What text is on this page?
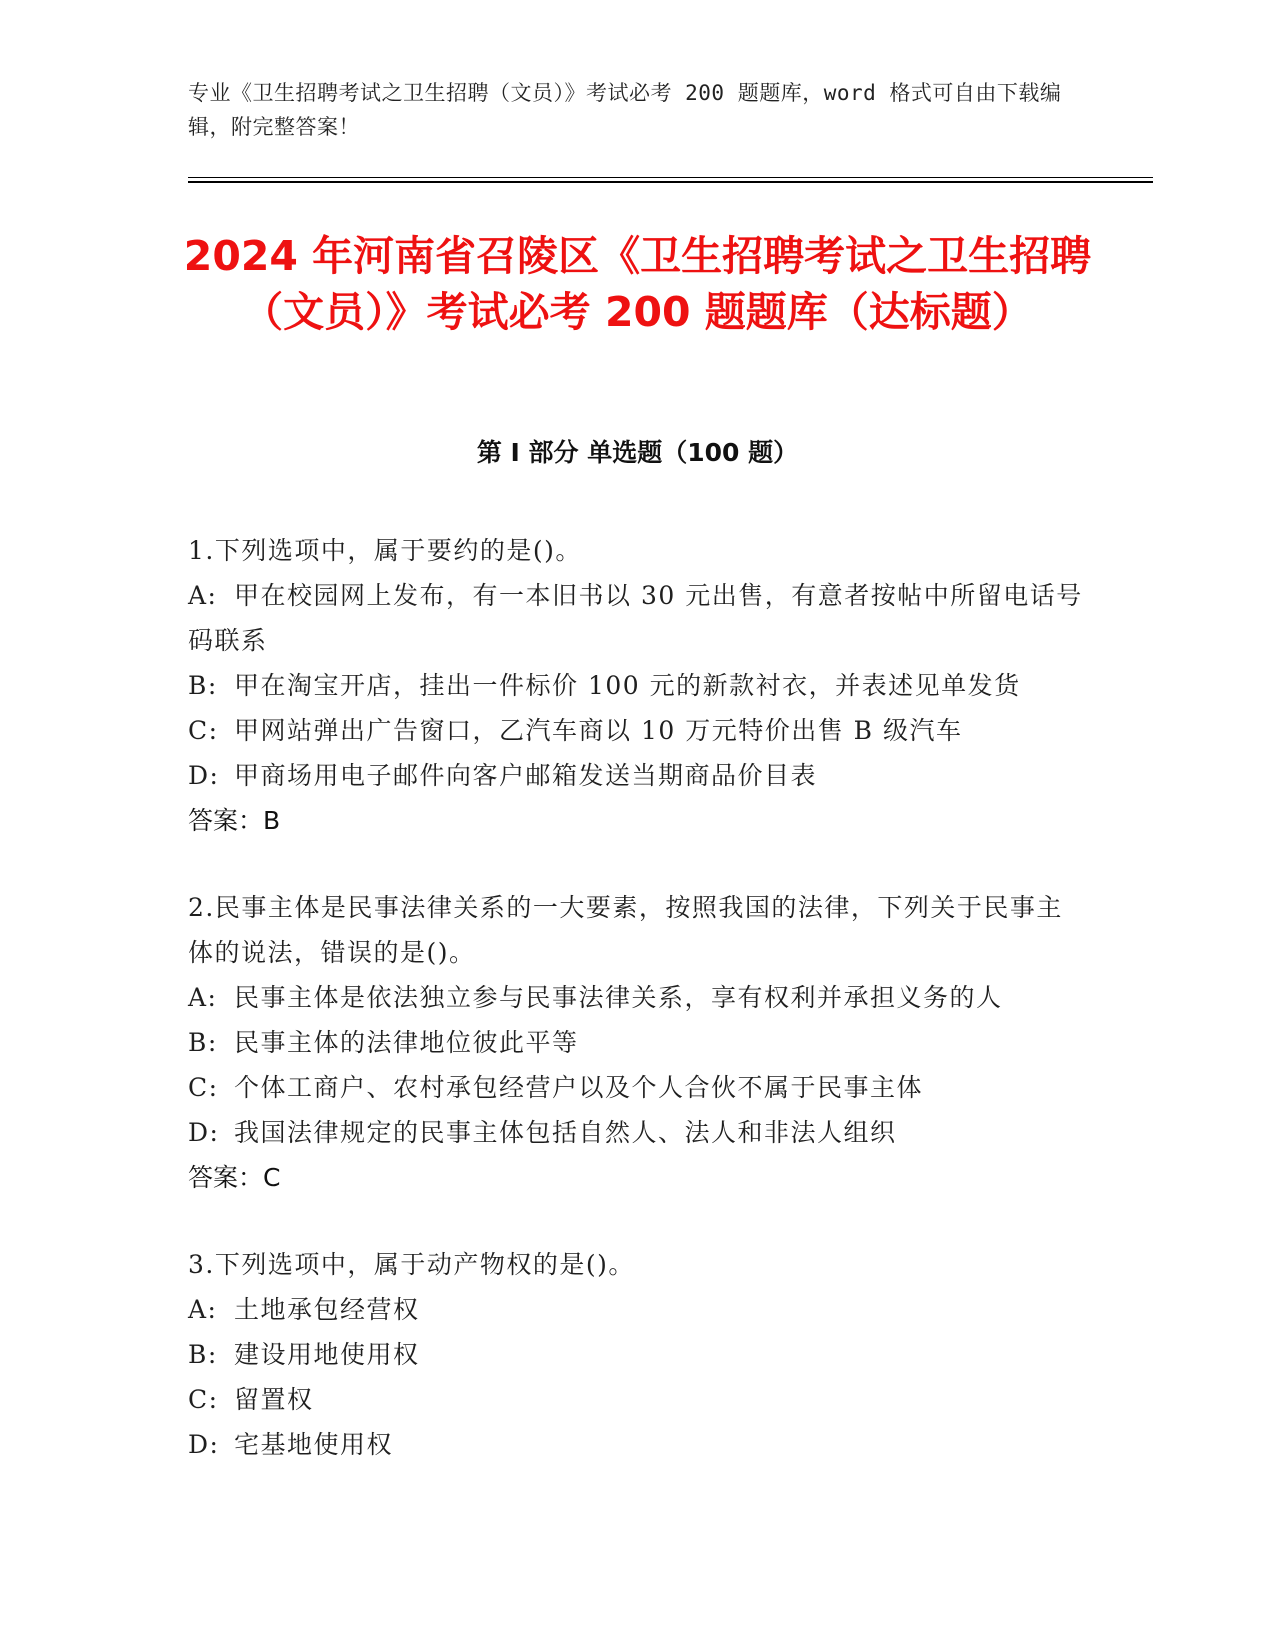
专业《卫生招聘考试之卫生招聘（文员）》考试必考 200 题题库，word 格式可自由下载编辑，附完整答案！
2024 年河南省召陵区《卫生招聘考试之卫生招聘（文员）》考试必考 200 题题库（达标题）
第 I 部分 单选题（100 题）
1.下列选项中，属于要约的是()。
A: 甲在校园网上发布，有一本旧书以 30 元出售，有意者按帖中所留电话号码联系
B: 甲在淘宝开店，挂出一件标价 100 元的新款衬衣，并表述见单发货
C: 甲网站弹出广告窗口，乙汽车商以 10 万元特价出售 B 级汽车
D: 甲商场用电子邮件向客户邮箱发送当期商品价目表
答案：B
2.民事主体是民事法律关系的一大要素，按照我国的法律，下列关于民事主体的说法，错误的是()。
A: 民事主体是依法独立参与民事法律关系，享有权利并承担义务的人
B: 民事主体的法律地位彼此平等
C: 个体工商户、农村承包经营户以及个人合伙不属于民事主体
D: 我国法律规定的民事主体包括自然人、法人和非法人组织
答案：C
3.下列选项中，属于动产物权的是()。
A: 土地承包经营权
B: 建设用地使用权
C: 留置权
D: 宅基地使用权
